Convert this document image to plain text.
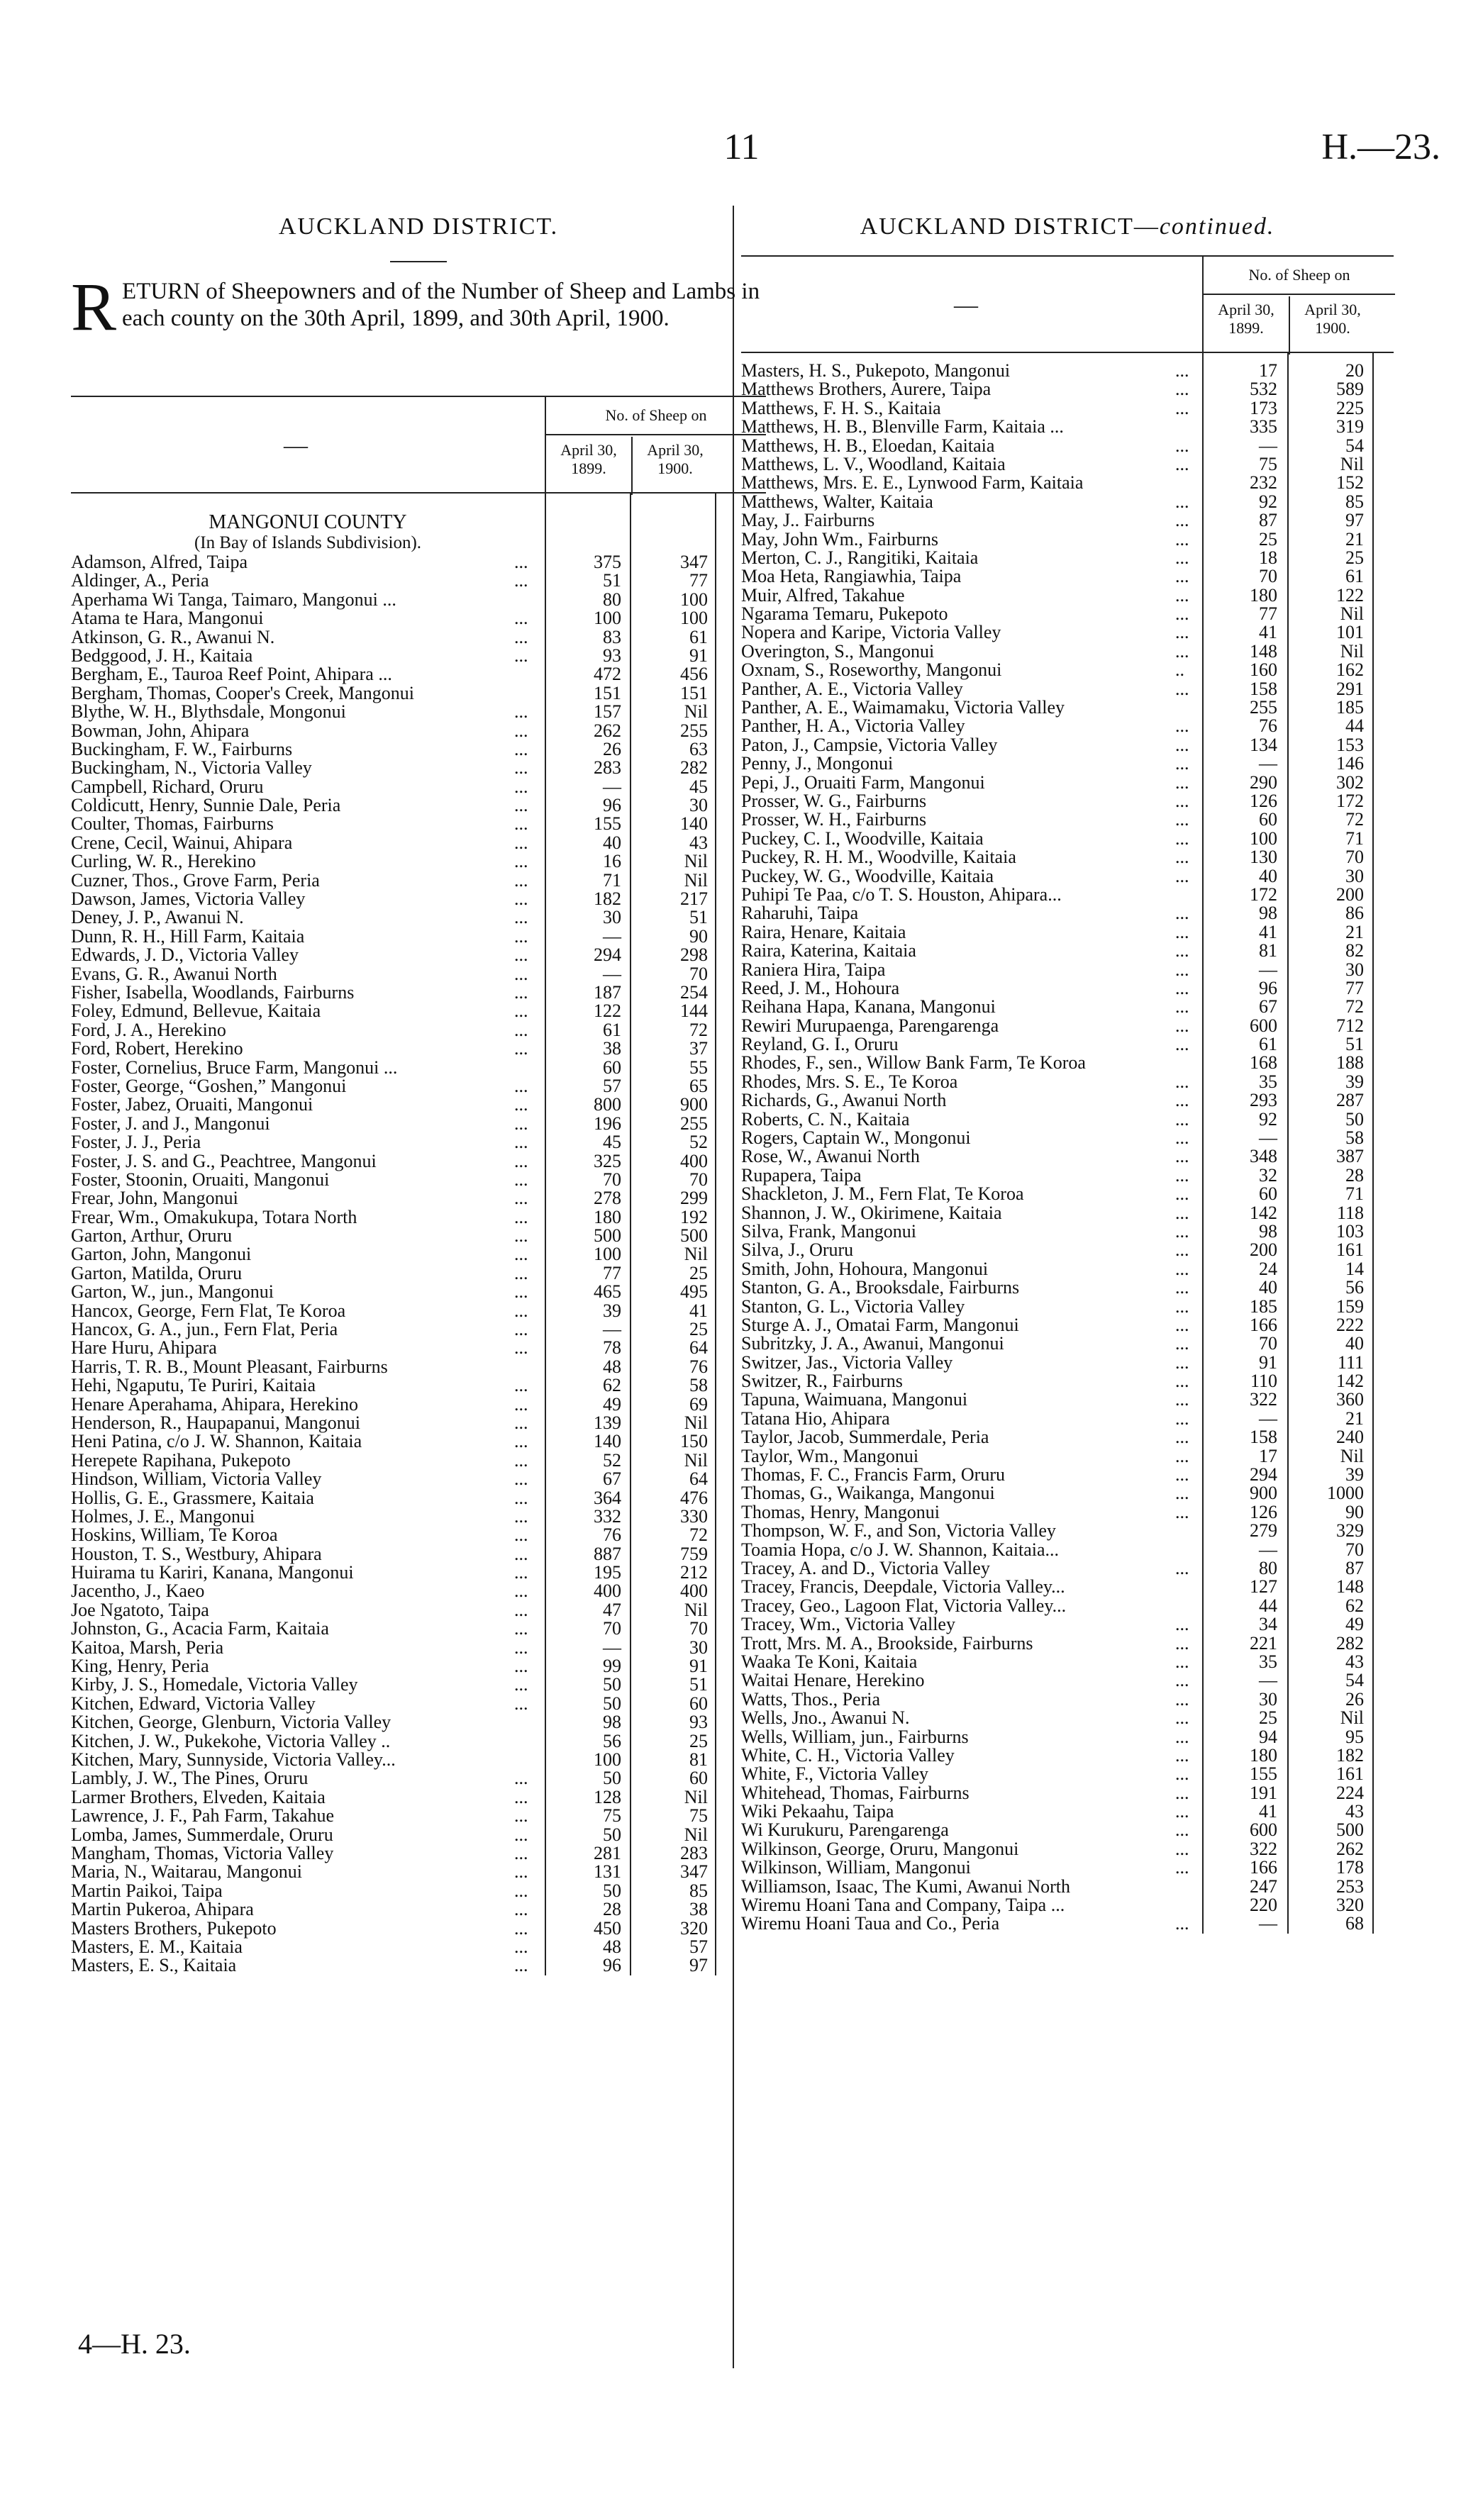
11	H.—23.
AUCKLAND DISTRICT.
R ETURN of Sheepowners and of the Number of Sheep and Lambs in each county on the 30th April, 1899, and 30th April, 1900.
—
No. of Sheep on
April 30, 1899.
April 30, 1900.
MANGONUI COUNTY
(In Bay of Islands Subdivision).
Adamson, Alfred, Taipa	...	375	347
Aldinger, A., Peria	...	51	77
Aperhama Wi Tanga, Taimaro, Mangonui ...	80	100
Atama te Hara, Mangonui	...	100	100
Atkinson, G. R., Awanui N.	...	83	61
Bedggood, J. H., Kaitaia	...	93	91
Bergham, E., Tauroa Reef Point, Ahipara ...	472	456
Bergham, Thomas, Cooper's Creek, Mangonui	151	151
Blythe, W. H., Blythsdale, Mongonui	...	157	Nil
Bowman, John, Ahipara	...	262	255
Buckingham, F. W., Fairburns	...	26	63
Buckingham, N., Victoria Valley	...	283	282
Campbell, Richard, Oruru	...	—	45
Coldicutt, Henry, Sunnie Dale, Peria	...	96	30
Coulter, Thomas, Fairburns	...	155	140
Crene, Cecil, Wainui, Ahipara	...	40	43
Curling, W. R., Herekino	...	16	Nil
Cuzner, Thos., Grove Farm, Peria	...	71	Nil
Dawson, James, Victoria Valley	...	182	217
Deney, J. P., Awanui N.	...	30	51
Dunn, R. H., Hill Farm, Kaitaia	...	—	90
Edwards, J. D., Victoria Valley	...	294	298
Evans, G. R., Awanui North	...	—	70
Fisher, Isabella, Woodlands, Fairburns	...	187	254
Foley, Edmund, Bellevue, Kaitaia	...	122	144
Ford, J. A., Herekino	...	61	72
Ford, Robert, Herekino	...	38	37
Foster, Cornelius, Bruce Farm, Mangonui ...	60	55
Foster, George, “Goshen,” Mangonui	...	57	65
Foster, Jabez, Oruaiti, Mangonui	...	800	900
Foster, J. and J., Mangonui	...	196	255
Foster, J. J., Peria	...	45	52
Foster, J. S. and G., Peachtree, Mangonui	...	325	400
Foster, Stoonin, Oruaiti, Mangonui	...	70	70
Frear, John, Mangonui	...	278	299
Frear, Wm., Omakukupa, Totara North	...	180	192
Garton, Arthur, Oruru	...	500	500
Garton, John, Mangonui	...	100	Nil
Garton, Matilda, Oruru	...	77	25
Garton, W., jun., Mangonui	...	465	495
Hancox, George, Fern Flat, Te Koroa	...	39	41
Hancox, G. A., jun., Fern Flat, Peria	...	—	25
Hare Huru, Ahipara	...	78	64
Harris, T. R. B., Mount Pleasant, Fairburns	48	76
Hehi, Ngaputu, Te Puriri, Kaitaia	...	62	58
Henare Aperahama, Ahipara, Herekino	...	49	69
Henderson, R., Haupapanui, Mangonui	...	139	Nil
Heni Patina, c/o J. W. Shannon, Kaitaia	...	140	150
Herepete Rapihana, Pukepoto	...	52	Nil
Hindson, William, Victoria Valley	...	67	64
Hollis, G. E., Grassmere, Kaitaia	...	364	476
Holmes, J. E., Mangonui	...	332	330
Hoskins, William, Te Koroa	...	76	72
Houston, T. S., Westbury, Ahipara	...	887	759
Huirama tu Kariri, Kanana, Mangonui	...	195	212
Jacentho, J., Kaeo	...	400	400
Joe Ngatoto, Taipa	...	47	Nil
Johnston, G., Acacia Farm, Kaitaia	...	70	70
Kaitoa, Marsh, Peria	...	—	30
King, Henry, Peria	...	99	91
Kirby, J. S., Homedale, Victoria Valley	...	50	51
Kitchen, Edward, Victoria Valley	...	50	60
Kitchen, George, Glenburn, Victoria Valley	98	93
Kitchen, J. W., Pukekohe, Victoria Valley ..	56	25
Kitchen, Mary, Sunnyside, Victoria Valley...	100	81
Lambly, J. W., The Pines, Oruru	...	50	60
Larmer Brothers, Elveden, Kaitaia	...	128	Nil
Lawrence, J. F., Pah Farm, Takahue	...	75	75
Lomba, James, Summerdale, Oruru	...	50	Nil
Mangham, Thomas, Victoria Valley	...	281	283
Maria, N., Waitarau, Mangonui	...	131	347
Martin Paikoi, Taipa	...	50	85
Martin Pukeroa, Ahipara	...	28	38
Masters Brothers, Pukepoto	...	450	320
Masters, E. M., Kaitaia	...	48	57
Masters, E. S., Kaitaia	...	96	97
AUCKLAND DISTRICT—continued.
—
No. of Sheep on
April 30, 1899.
April 30, 1900.
Masters, H. S., Pukepoto, Mangonui	...	17	20
Matthews Brothers, Aurere, Taipa	...	532	589
Matthews, F. H. S., Kaitaia	...	173	225
Matthews, H. B., Blenville Farm, Kaitaia ...	335	319
Matthews, H. B., Eloedan, Kaitaia	...	—	54
Matthews, L. V., Woodland, Kaitaia	...	75	Nil
Matthews, Mrs. E. E., Lynwood Farm, Kaitaia	232	152
Matthews, Walter, Kaitaia	...	92	85
May, J.. Fairburns	...	87	97
May, John Wm., Fairburns	...	25	21
Merton, C. J., Rangitiki, Kaitaia	...	18	25
Moa Heta, Rangiawhia, Taipa	...	70	61
Muir, Alfred, Takahue	...	180	122
Ngarama Temaru, Pukepoto	...	77	Nil
Nopera and Karipe, Victoria Valley	...	41	101
Overington, S., Mangonui	...	148	Nil
Oxnam, S., Roseworthy, Mangonui	..	160	162
Panther, A. E., Victoria Valley	...	158	291
Panther, A. E., Waimamaku, Victoria Valley	255	185
Panther, H. A., Victoria Valley	...	76	44
Paton, J., Campsie, Victoria Valley	...	134	153
Penny, J., Mongonui	...	—	146
Pepi, J., Oruaiti Farm, Mangonui	...	290	302
Prosser, W. G., Fairburns	...	126	172
Prosser, W. H., Fairburns	...	60	72
Puckey, C. I., Woodville, Kaitaia	...	100	71
Puckey, R. H. M., Woodville, Kaitaia	...	130	70
Puckey, W. G., Woodville, Kaitaia	...	40	30
Puhipi Te Paa, c/o T. S. Houston, Ahipara...	172	200
Raharuhi, Taipa	...	98	86
Raira, Henare, Kaitaia	...	41	21
Raira, Katerina, Kaitaia	...	81	82
Raniera Hira, Taipa	...	—	30
Reed, J. M., Hohoura	...	96	77
Reihana Hapa, Kanana, Mangonui	...	67	72
Rewiri Murupaenga, Parengarenga	...	600	712
Reyland, G. I., Oruru	...	61	51
Rhodes, F., sen., Willow Bank Farm, Te Koroa	168	188
Rhodes, Mrs. S. E., Te Koroa	...	35	39
Richards, G., Awanui North	...	293	287
Roberts, C. N., Kaitaia	...	92	50
Rogers, Captain W., Mongonui	...	—	58
Rose, W., Awanui North	...	348	387
Rupapera, Taipa	...	32	28
Shackleton, J. M., Fern Flat, Te Koroa	...	60	71
Shannon, J. W., Okirimene, Kaitaia	...	142	118
Silva, Frank, Mangonui	...	98	103
Silva, J., Oruru	...	200	161
Smith, John, Hohoura, Mangonui	...	24	14
Stanton, G. A., Brooksdale, Fairburns	...	40	56
Stanton, G. L., Victoria Valley	...	185	159
Sturge A. J., Omatai Farm, Mangonui	...	166	222
Subritzky, J. A., Awanui, Mangonui	...	70	40
Switzer, Jas., Victoria Valley	...	91	111
Switzer, R., Fairburns	...	110	142
Tapuna, Waimuana, Mangonui	...	322	360
Tatana Hio, Ahipara	...	—	21
Taylor, Jacob, Summerdale, Peria	...	158	240
Taylor, Wm., Mangonui	...	17	Nil
Thomas, F. C., Francis Farm, Oruru	...	294	39
Thomas, G., Waikanga, Mangonui	...	900	1000
Thomas, Henry, Mangonui	...	126	90
Thompson, W. F., and Son, Victoria Valley	279	329
Toamia Hopa, c/o J. W. Shannon, Kaitaia...	—	70
Tracey, A. and D., Victoria Valley	...	80	87
Tracey, Francis, Deepdale, Victoria Valley...	127	148
Tracey, Geo., Lagoon Flat, Victoria Valley...	44	62
Tracey, Wm., Victoria Valley	...	34	49
Trott, Mrs. M. A., Brookside, Fairburns	...	221	282
Waaka Te Koni, Kaitaia	...	35	43
Waitai Henare, Herekino	...	—	54
Watts, Thos., Peria	...	30	26
Wells, Jno., Awanui N.	...	25	Nil
Wells, William, jun., Fairburns	...	94	95
White, C. H., Victoria Valley	...	180	182
White, F., Victoria Valley	...	155	161
Whitehead, Thomas, Fairburns	...	191	224
Wiki Pekaahu, Taipa	...	41	43
Wi Kurukuru, Parengarenga	...	600	500
Wilkinson, George, Oruru, Mangonui	...	322	262
Wilkinson, William, Mangonui	...	166	178
Williamson, Isaac, The Kumi, Awanui North	247	253
Wiremu Hoani Tana and Company, Taipa ...	220	320
Wiremu Hoani Taua and Co., Peria	...	—	68
4—H. 23.
